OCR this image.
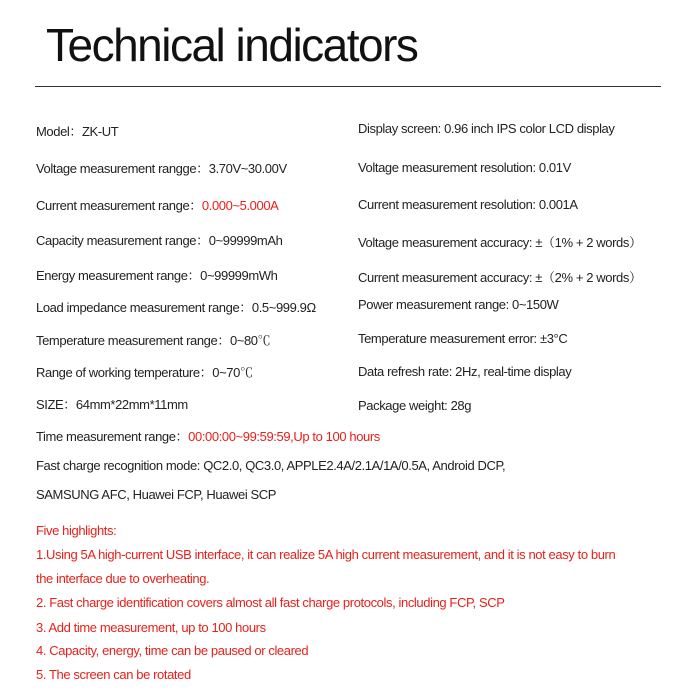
Technical indicators
Model：ZK-UT
Voltage measurement rangge：3.70V~30.00V
Current measurement range：0.000~5.000A
Capacity measurement range：0~99999mAh
Energy measurement range：0~99999mWh
Load impedance measurement range：0.5~999.9Ω
Temperature measurement range：0~80℃
Range of working temperature：0~70℃
SIZE：64mm*22mm*11mm
Display screen: 0.96 inch IPS color LCD display
Voltage measurement resolution: 0.01V
Current measurement resolution: 0.001A
Voltage measurement accuracy: ±（1% + 2 words）
Current measurement accuracy: ±（2% + 2 words）
Power measurement range: 0~150W
Temperature measurement error: ±3°C
Data refresh rate: 2Hz, real-time display
Package weight: 28g
Time measurement range：00:00:00~99:59:59,Up to 100 hours
Fast charge recognition mode: QC2.0, QC3.0, APPLE2.4A/2.1A/1A/0.5A, Android DCP,
SAMSUNG AFC, Huawei FCP, Huawei SCP
Five highlights:
1.Using 5A high-current USB interface, it can realize 5A high current measurement, and it is not easy to burn
the interface due to overheating.
2. Fast charge identification covers almost all fast charge protocols, including FCP, SCP
3. Add time measurement, up to 100 hours
4. Capacity, energy, time can be paused or cleared
5. The screen can be rotated
